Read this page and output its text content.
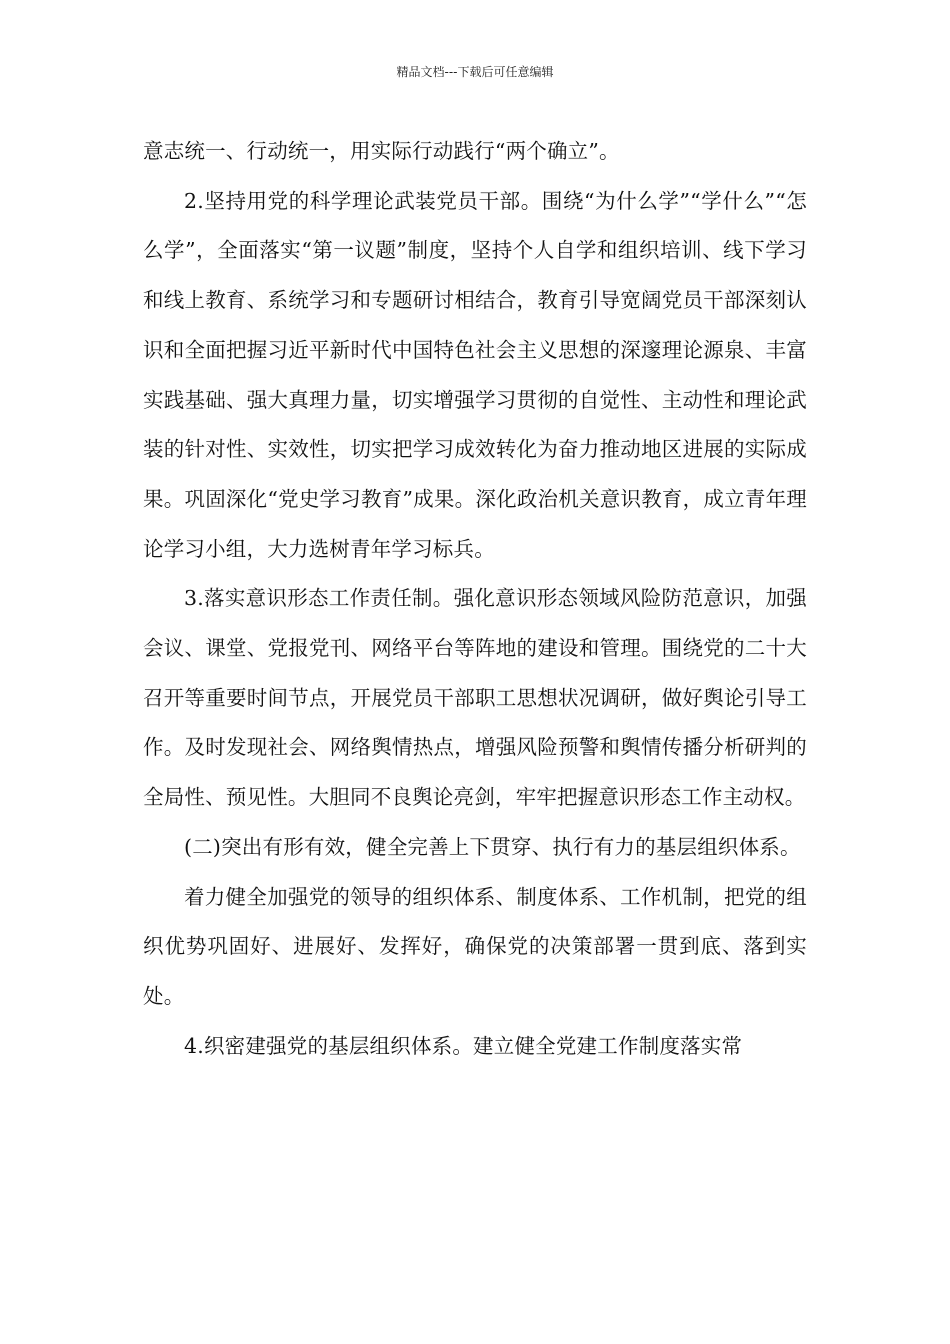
精品文档---下载后可任意编辑

意志统一、行动统一，用实际行动践行“两个确立”。

2.坚持用党的科学理论武装党员干部。围绕“为什么学”“学什么”“怎么学”，全面落实“第一议题”制度，坚持个人自学和组织培训、线下学习和线上教育、系统学习和专题研讨相结合，教育引导宽阔党员干部深刻认识和全面把握习近平新时代中国特色社会主义思想的深邃理论源泉、丰富实践基础、强大真理力量，切实增强学习贯彻的自觉性、主动性和理论武装的针对性、实效性，切实把学习成效转化为奋力推动地区进展的实际成果。巩固深化“党史学习教育”成果。深化政治机关意识教育，成立青年理论学习小组，大力选树青年学习标兵。

3.落实意识形态工作责任制。强化意识形态领域风险防范意识，加强会议、课堂、党报党刊、网络平台等阵地的建设和管理。围绕党的二十大召开等重要时间节点，开展党员干部职工思想状况调研，做好舆论引导工作。及时发现社会、网络舆情热点，增强风险预警和舆情传播分析研判的全局性、预见性。大胆同不良舆论亮剑，牢牢把握意识形态工作主动权。

(二)突出有形有效，健全完善上下贯穿、执行有力的基层组织体系。

着力健全加强党的领导的组织体系、制度体系、工作机制，把党的组织优势巩固好、进展好、发挥好，确保党的决策部署一贯到底、落到实处。

4.织密建强党的基层组织体系。建立健全党建工作制度落实常
